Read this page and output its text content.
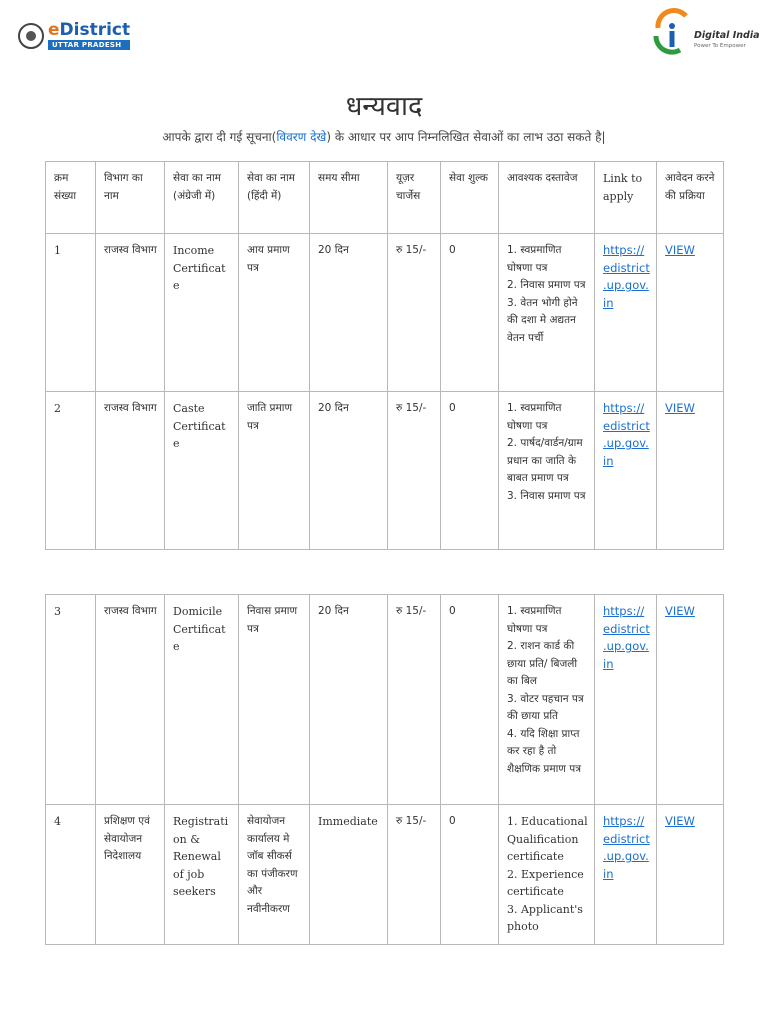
eDistrict
UTTAR PRADESH
Digital India
Power To Empower
धन्यवाद
आपके द्वारा दी गई सूचना(विवरण देखे) के आधार पर आप निम्नलिखित सेवाओं का लाभ उठा सकते है|
क्रम संख्या	विभाग का नाम	सेवा का नाम (अंग्रेजी में)	सेवा का नाम (हिंदी में)	समय सीमा	यूज़र चार्जेस	सेवा शुल्क	आवश्यक दस्तावेज	Link to apply	आवेदन करने की प्रक्रिया
1	राजस्व विभाग	Income Certificate	आय प्रमाण पत्र	20 दिन	रु 15/-	0	1. स्वप्रमाणित घोषणा पत्र
2. निवास प्रमाण पत्र
3. वेतन भोगी होने की दशा मे अद्यतन वेतन पर्ची	https://edistrict.up.gov.in	VIEW
2	राजस्व विभाग	Caste Certificate	जाति प्रमाण पत्र	20 दिन	रु 15/-	0	1. स्वप्रमाणित घोषणा पत्र
2. पार्षद/वार्डन/ग्राम प्रधान का जाति के बाबत प्रमाण पत्र
3. निवास प्रमाण पत्र	https://edistrict.up.gov.in	VIEW
3	राजस्व विभाग	Domicile Certificate	निवास प्रमाण पत्र	20 दिन	रु 15/-	0	1. स्वप्रमाणित घोषणा पत्र
2. राशन कार्ड की छाया प्रति/ बिजली का बिल
3. वोटर पहचान पत्र की छाया प्रति
4. यदि शिक्षा प्राप्त कर रहा है तो शैक्षणिक प्रमाण पत्र	https://edistrict.up.gov.in	VIEW
4	प्रशिक्षण एवं सेवायोजन निदेशालय	Registration & Renewal of job seekers	सेवायोजन कार्यालय मे जॉब सीकर्स का पंजीकरण और नवीनीकरण	Immediate	रु 15/-	0	1. Educational Qualification certificate
2. Experience certificate
3. Applicant's photo	https://edistrict.up.gov.in	VIEW
